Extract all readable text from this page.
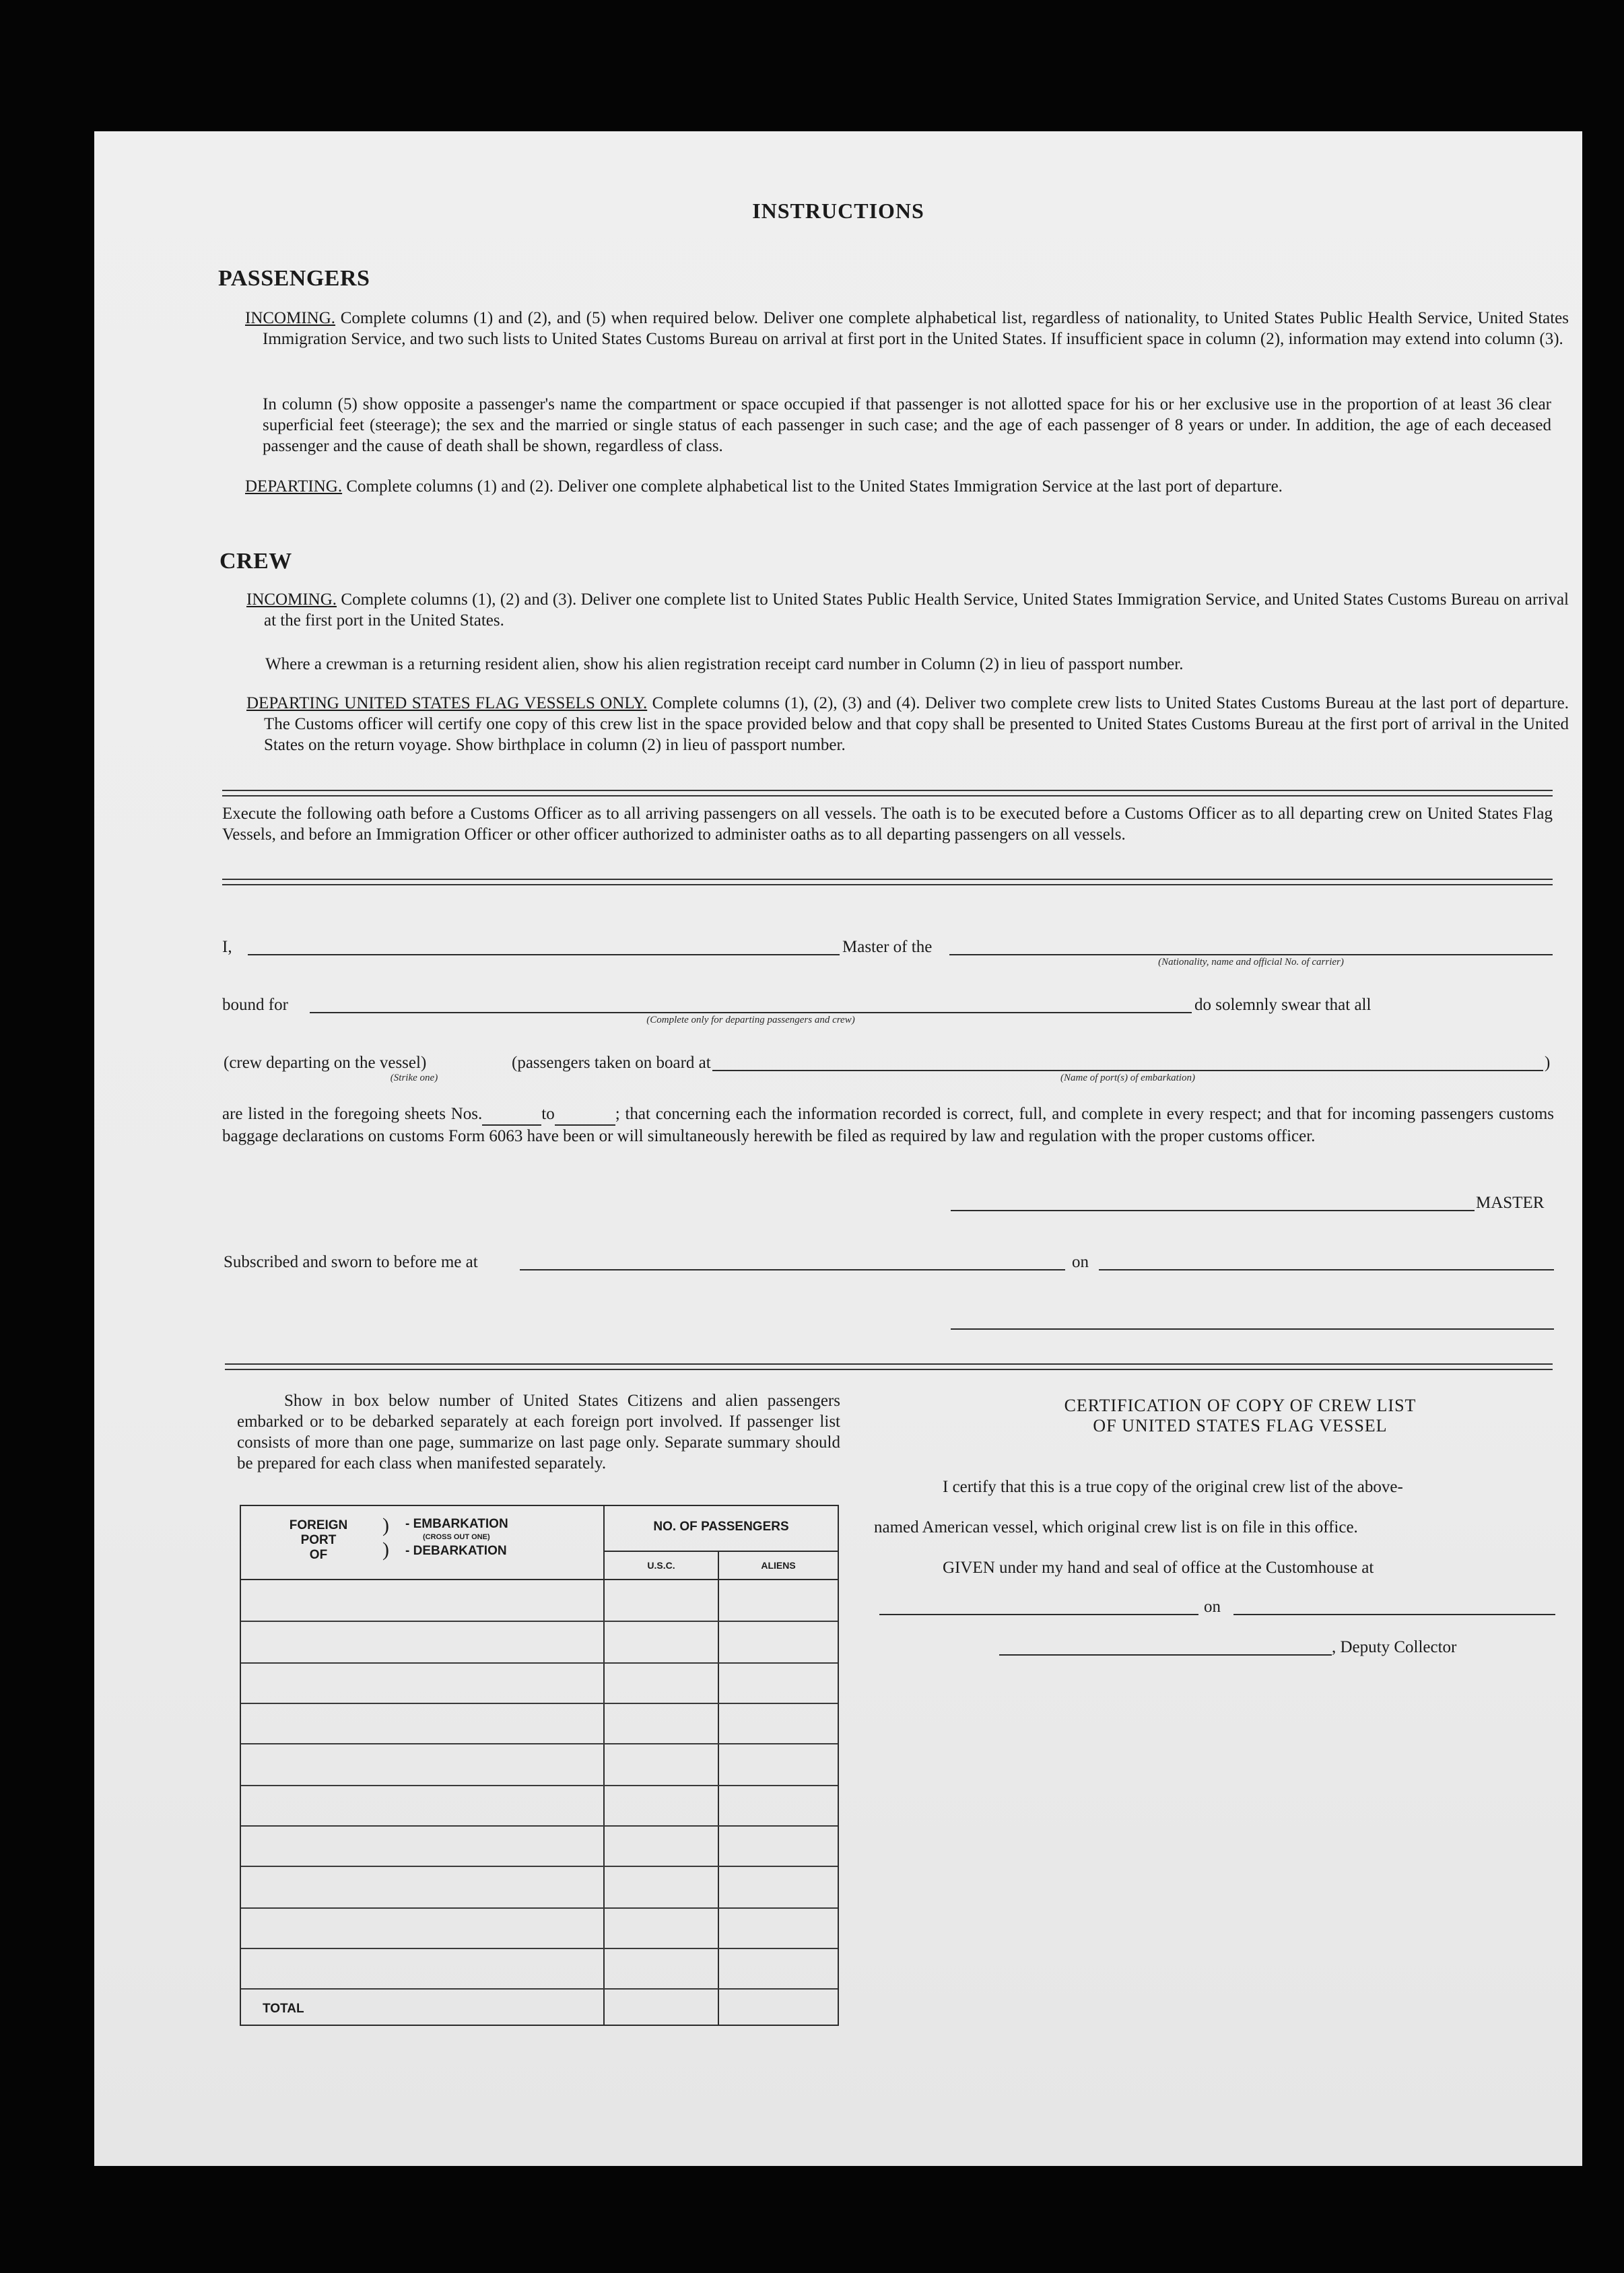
INSTRUCTIONS
PASSENGERS
INCOMING. Complete columns (1) and (2), and (5) when required below. Deliver one complete alphabetical list, regardless of nationality, to United States Public Health Service, United States Immigration Service, and two such lists to United States Customs Bureau on arrival at first port in the United States. If insufficient space in column (2), information may extend into column (3).
In column (5) show opposite a passenger's name the compartment or space occupied if that passenger is not allotted space for his or her exclusive use in the proportion of at least 36 clear superficial feet (steerage); the sex and the married or single status of each passenger in such case; and the age of each passenger of 8 years or under. In addition, the age of each deceased passenger and the cause of death shall be shown, regardless of class.
DEPARTING. Complete columns (1) and (2). Deliver one complete alphabetical list to the United States Immigration Service at the last port of departure.
CREW
INCOMING. Complete columns (1), (2) and (3). Deliver one complete list to United States Public Health Service, United States Immigration Service, and United States Customs Bureau on arrival at the first port in the United States.
Where a crewman is a returning resident alien, show his alien registration receipt card number in Column (2) in lieu of passport number.
DEPARTING UNITED STATES FLAG VESSELS ONLY. Complete columns (1), (2), (3) and (4). Deliver two complete crew lists to United States Customs Bureau at the last port of departure. The Customs officer will certify one copy of this crew list in the space provided below and that copy shall be presented to United States Customs Bureau at the first port of arrival in the United States on the return voyage. Show birthplace in column (2) in lieu of passport number.
Execute the following oath before a Customs Officer as to all arriving passengers on all vessels. The oath is to be executed before a Customs Officer as to all departing crew on United States Flag Vessels, and before an Immigration Officer or other officer authorized to administer oaths as to all departing passengers on all vessels.
I,	Master of the
(Nationality, name and official No. of carrier)
bound for
(Complete only for departing passengers and crew)
do solemnly swear that all
(crew departing on the vessel)
(Strike one)
(passengers taken on board at
(Name of port(s) of embarkation)
)
are listed in the foregoing sheets Nos.	to	; that concerning each the information recorded is correct, full, and complete in every respect; and that for incoming passengers customs baggage declarations on customs Form 6063 have been or will simultaneously herewith be filed as required by law and regulation with the proper customs officer.
MASTER
Subscribed and sworn to before me at	on
Show in box below number of United States Citizens and alien passengers embarked or to be debarked separately at each foreign port involved. If passenger list consists of more than one page, summarize on last page only. Separate summary should be prepared for each class when manifested separately.
FOREIGN
PORT
OF
)
)
- EMBARKATION
(CROSS OUT ONE)
- DEBARKATION
NO. OF PASSENGERS
U.S.C.	ALIENS
TOTAL
CERTIFICATION OF COPY OF CREW LIST
OF UNITED STATES FLAG VESSEL
I certify that this is a true copy of the original crew list of the above-
named American vessel, which original crew list is on file in this office.
GIVEN under my hand and seal of office at the Customhouse at
on
, Deputy Collector
